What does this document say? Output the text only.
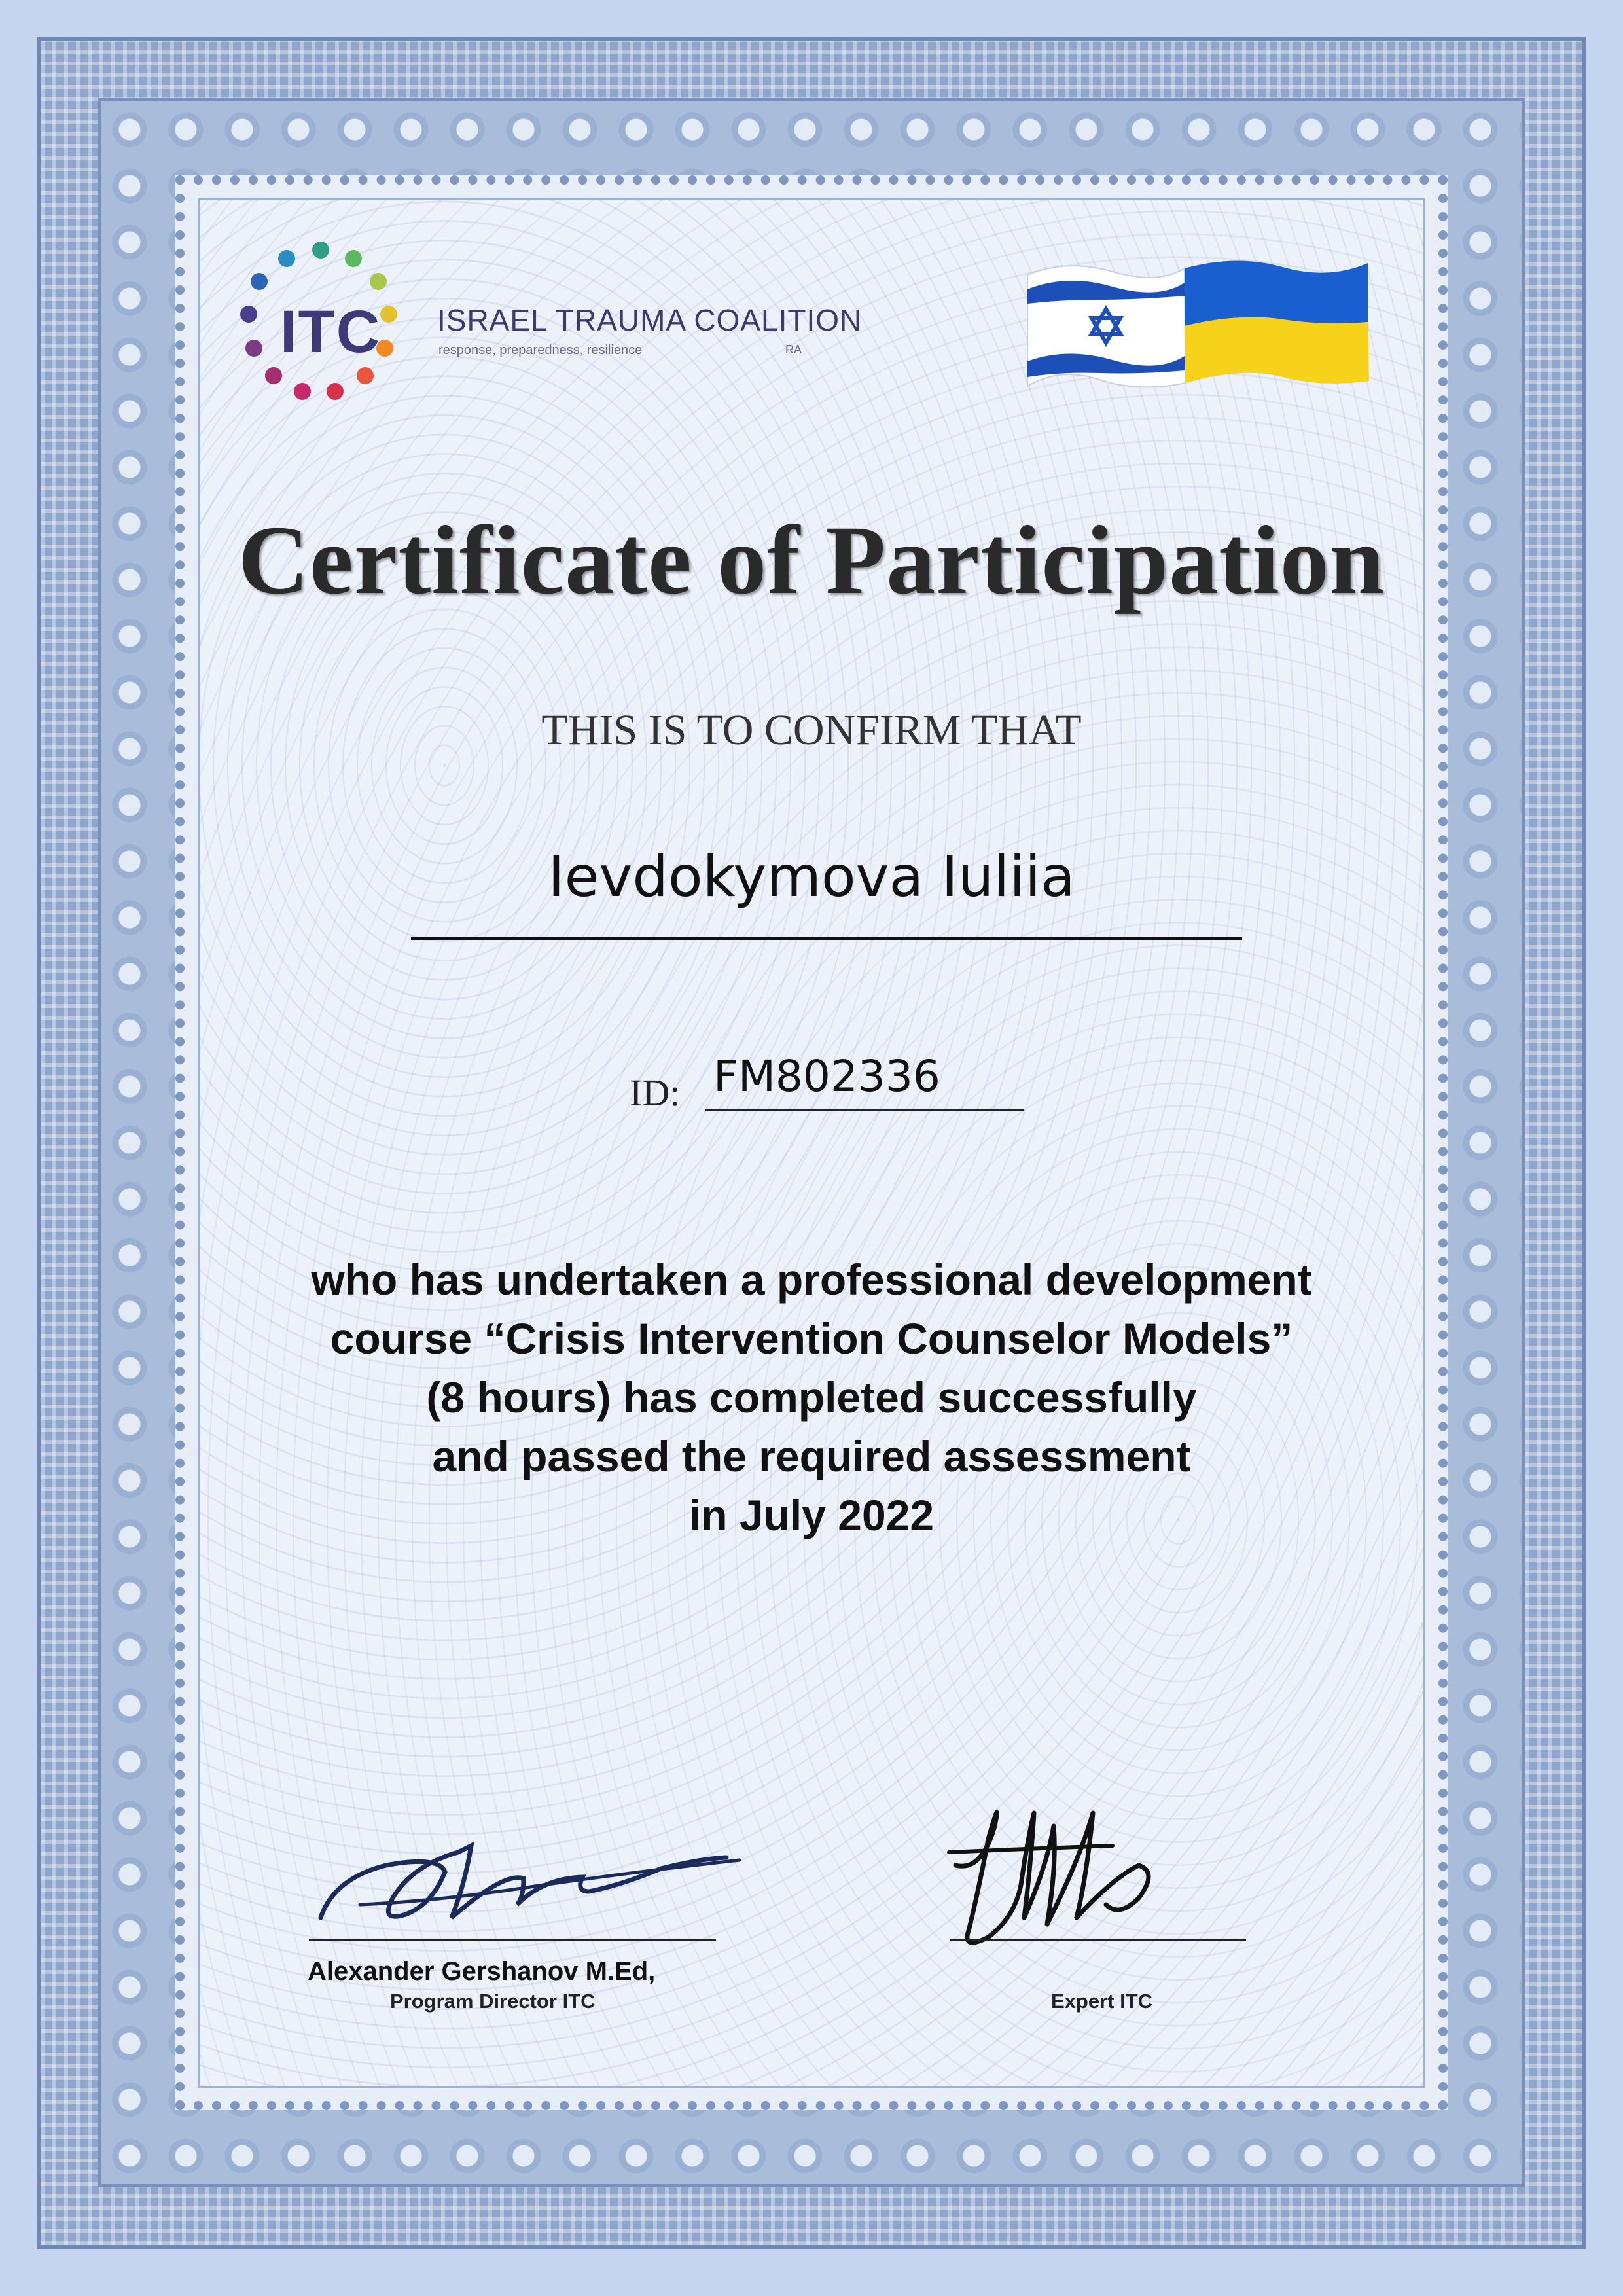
ITC ISRAEL TRAUMA COALITION
response, preparedness, resilience	RA
Certificate of Participation
THIS IS TO CONFIRM THAT
Ievdokymova Iuliia
ID: FM802336
who has undertaken a professional development
course “Crisis Intervention Counselor Models”
(8 hours) has completed successfully
and passed the required assessment
in July 2022
Alexander Gershanov M.Ed,
Program Director ITC	Expert ITC
